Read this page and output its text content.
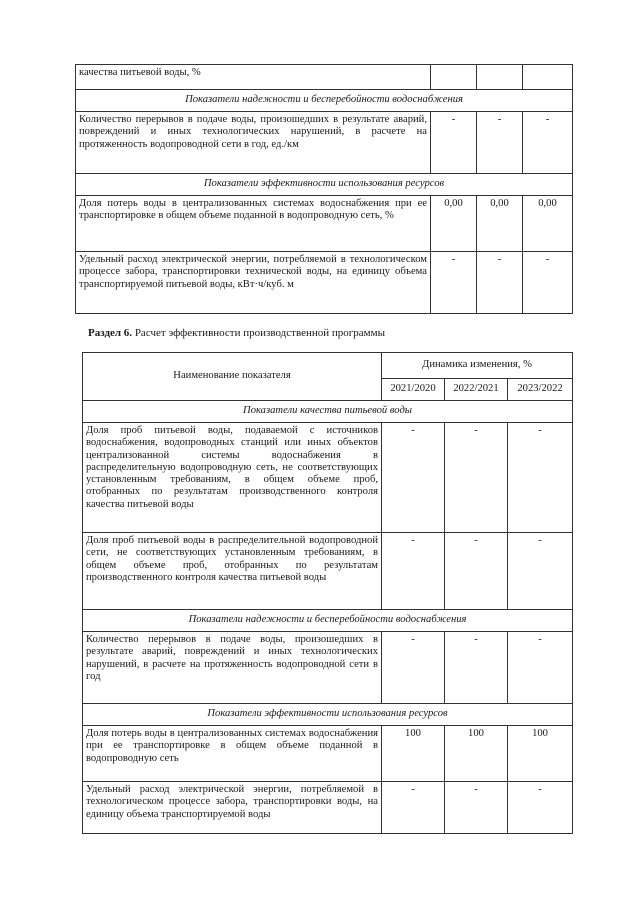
качества питьевой воды, %			
Показатели надежности и бесперебойности водоснабжения			
Количество перерывов в подаче воды, произошедших в результате аварий, повреждений и иных технологических нарушений, в расчете на протяженность водопроводной сети в год, ед./км	-	-	-
Показатели эффективности использования ресурсов			
Доля потерь воды в централизованных системах водоснабжения при ее транспортировке в общем объеме поданной в водопроводную сеть, %	0,00	0,00	0,00
Удельный расход электрической энергии, потребляемой в технологическом процессе забора, транспортировки технической воды, на единицу объема транспортируемой питьевой воды, кВт·ч/куб. м	-	-	-
Раздел 6. Расчет эффективности производственной программы
Наименование показателя	Динамика изменения, %		
	2021/2020	2022/2021	2023/2022
Показатели качества питьевой воды			
Доля проб питьевой воды, подаваемой с источников водоснабжения, водопроводных станций или иных объектов централизованной системы водоснабжения в распределительную водопроводную сеть, не соответствующих установленным требованиям, в общем объеме проб, отобранных по результатам производственного контроля качества питьевой воды	-	-	-
Доля проб питьевой воды в распределительной водопроводной сети, не соответствующих установленным требованиям, в общем объеме проб, отобранных по результатам производственного контроля качества питьевой воды	-	-	-
Показатели надежности и бесперебойности водоснабжения			
Количество перерывов в подаче воды, произошедших в результате аварий, повреждений и иных технологических нарушений, в расчете на протяженность водопроводной сети в год	-	-	-
Показатели эффективности использования ресурсов			
Доля потерь воды в централизованных системах водоснабжения при ее транспортировке в общем объеме поданной в водопроводную сеть	100	100	100
Удельный расход электрической энергии, потребляемой в технологическом процессе забора, транспортировки воды, на единицу объема транспортируемой воды	-	-	-
